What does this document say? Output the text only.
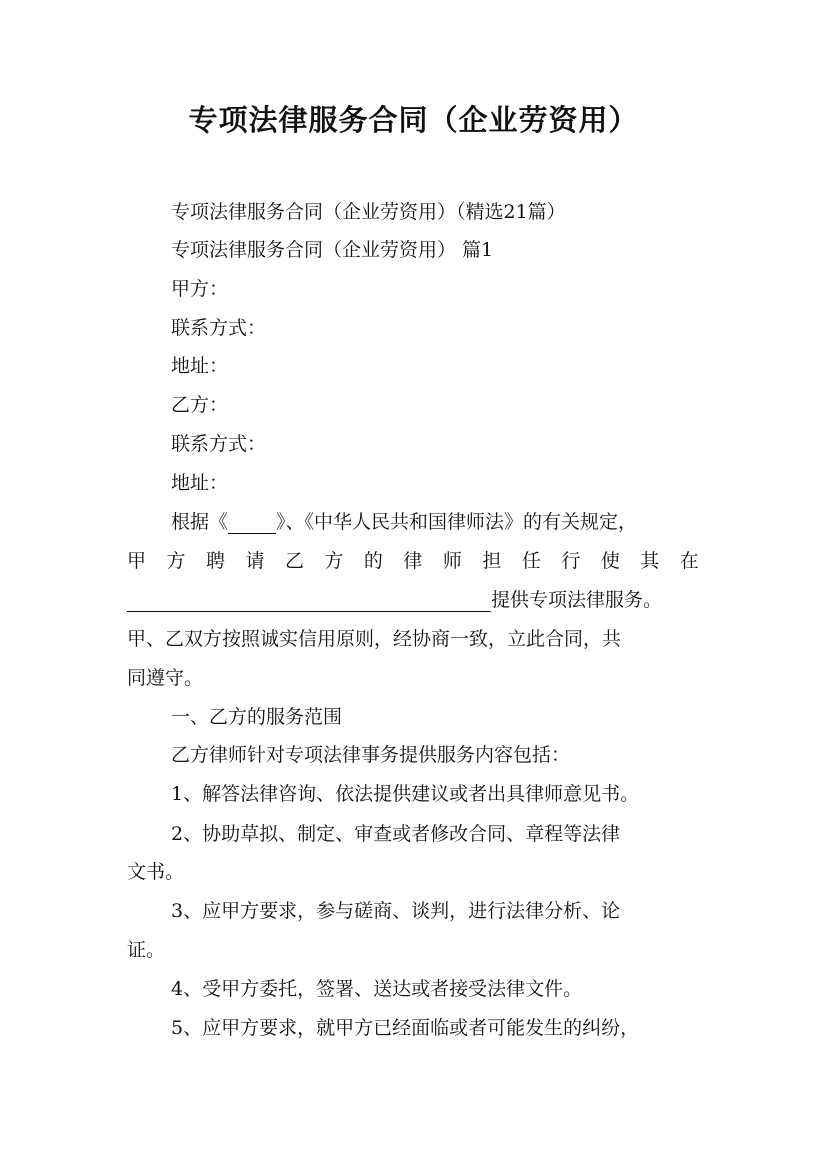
专项法律服务合同（企业劳资用）
专项法律服务合同（企业劳资用）（精选21篇）
专项法律服务合同（企业劳资用） 篇1
甲方：
联系方式：
地址：
乙方：
联系方式：
地址：
根据《	》、《中华人民共和国律师法》的有关规定，
甲 方 聘 请 乙 方 的 律 师 担 任 行 使 其 在
提供专项法律服务。
甲、乙双方按照诚实信用原则，经协商一致，立此合同，共
同遵守。
一、乙方的服务范围
乙方律师针对专项法律事务提供服务内容包括：
1、解答法律咨询、依法提供建议或者出具律师意见书。
2、协助草拟、制定、审查或者修改合同、章程等法律
文书。
3、应甲方要求，参与磋商、谈判，进行法律分析、论
证。
4、受甲方委托，签署、送达或者接受法律文件。
5、应甲方要求，就甲方已经面临或者可能发生的纠纷，
